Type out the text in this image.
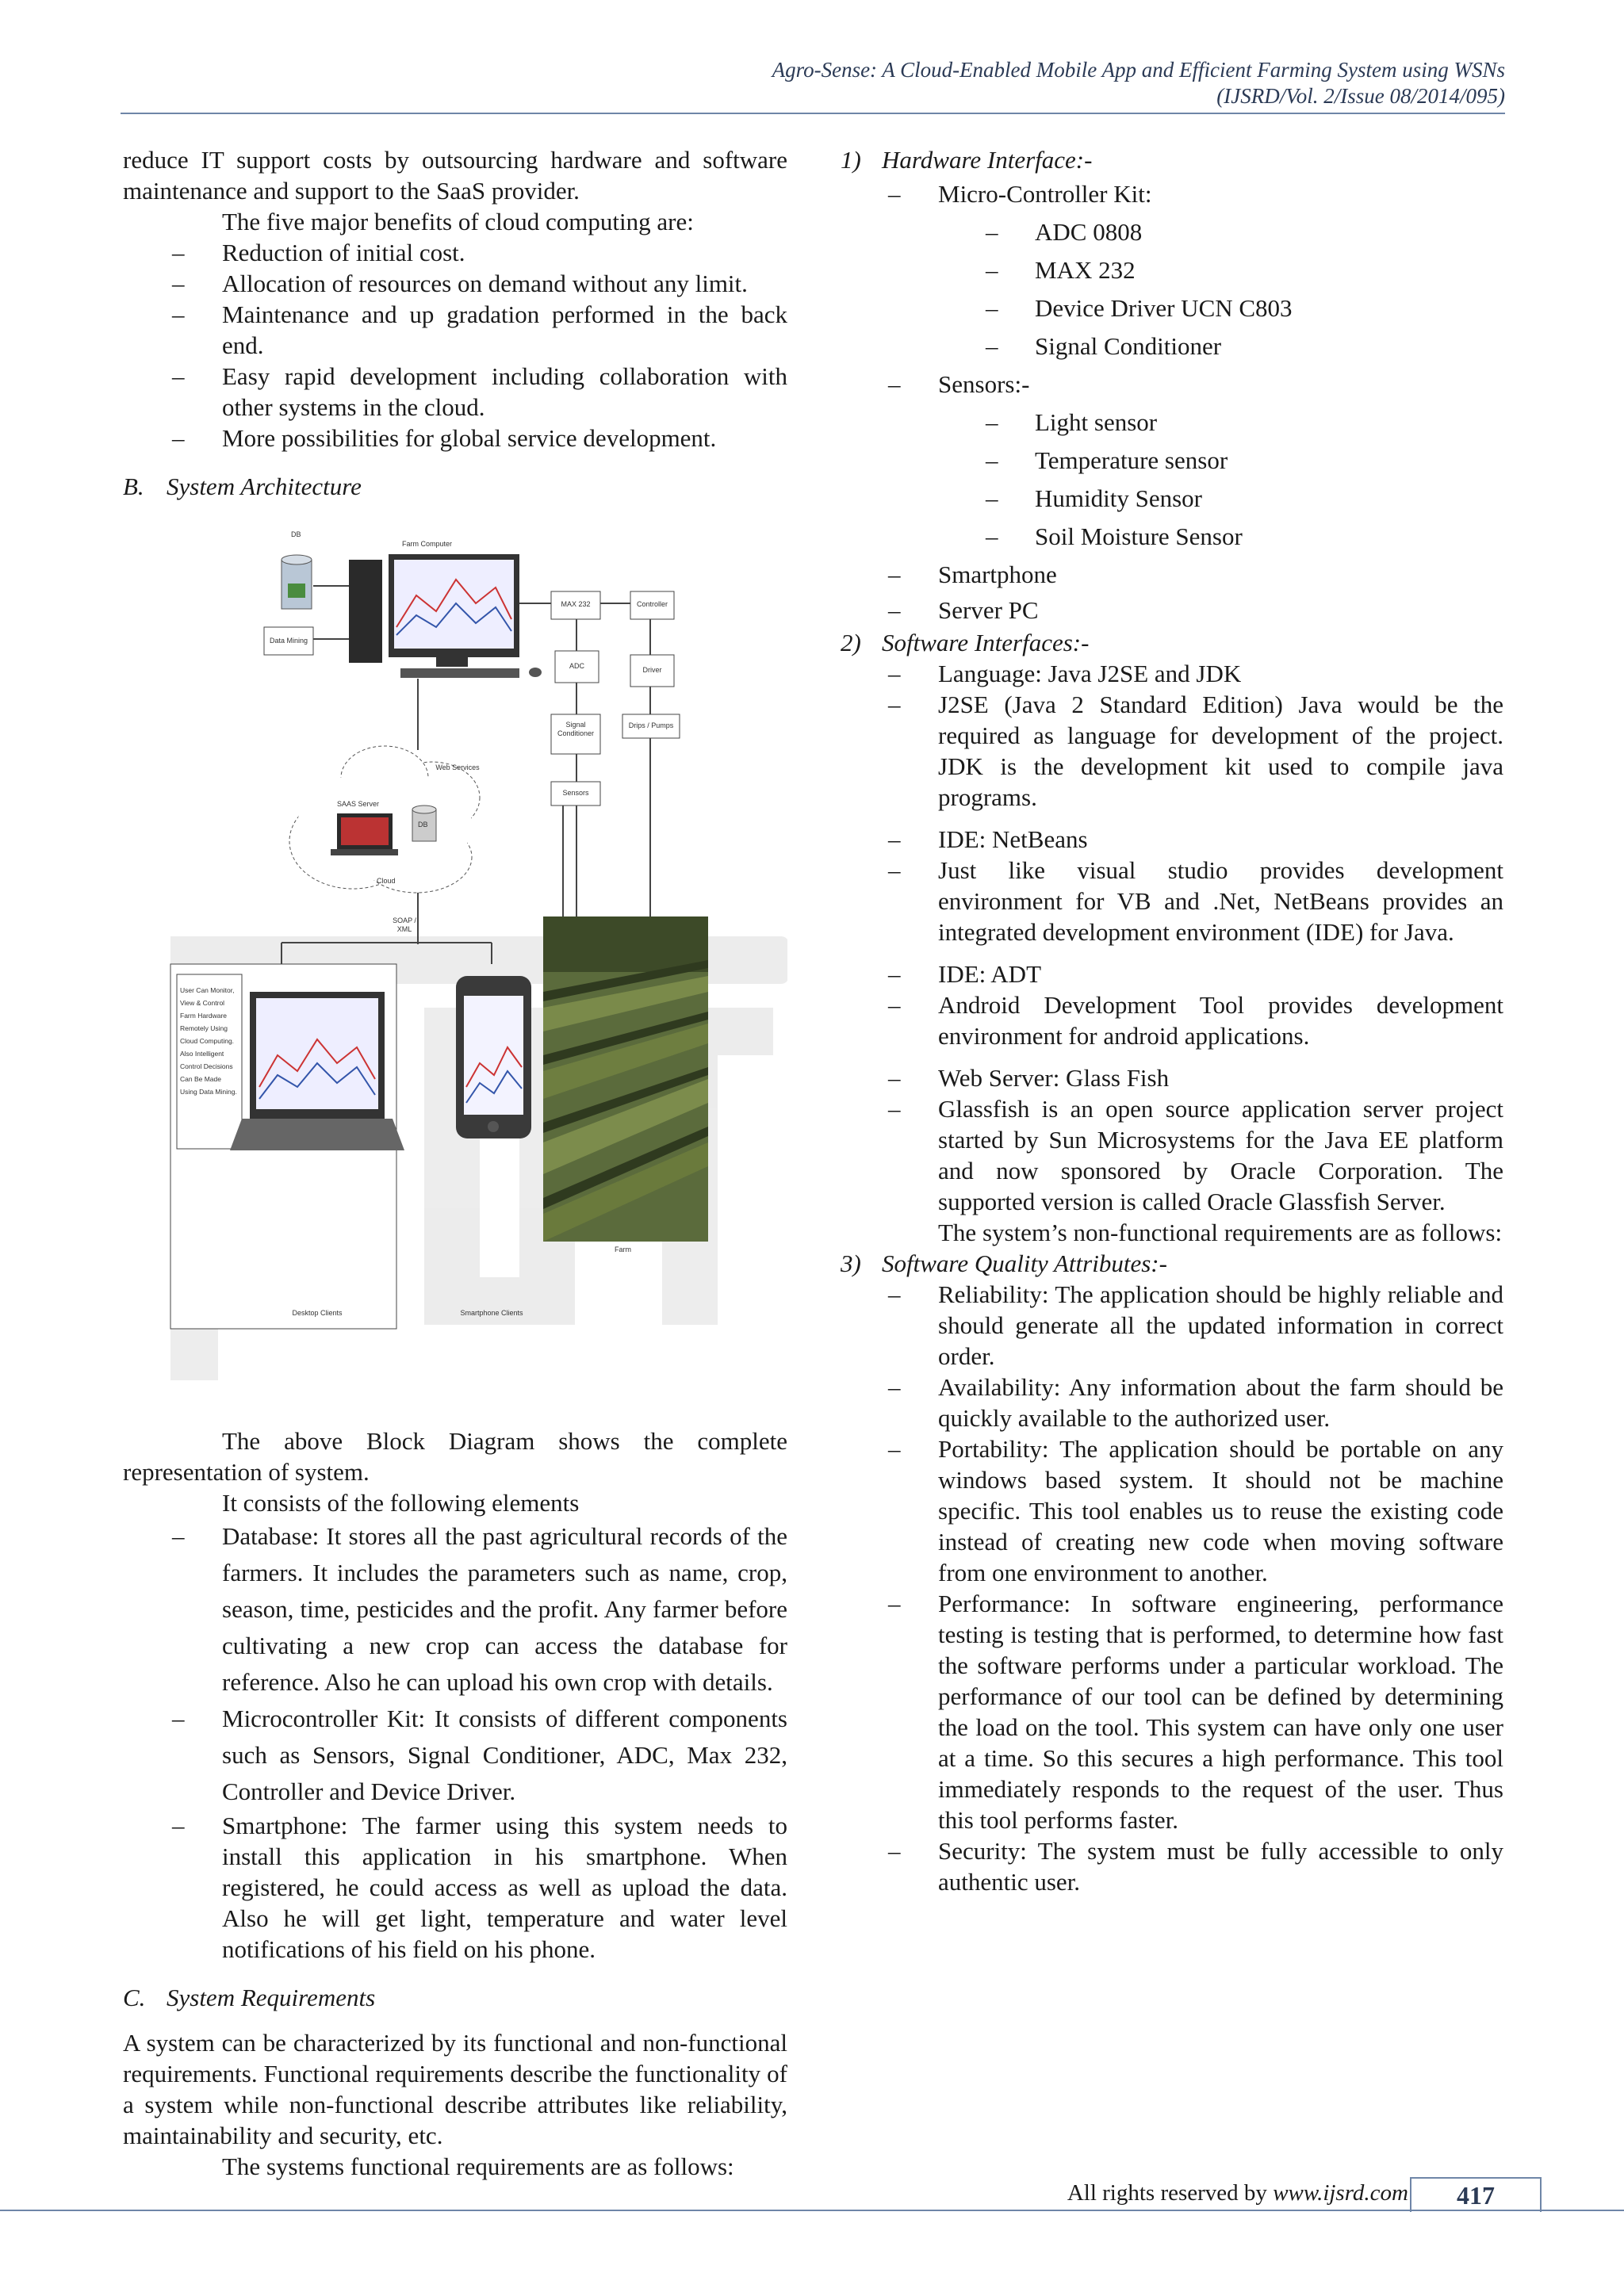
Agro-Sense: A Cloud-Enabled Mobile App and Efficient Farming System using WSNs
(IJSRD/Vol. 2/Issue 08/2014/095)

reduce IT support costs by outsourcing hardware and software maintenance and support to the SaaS provider.

The five major benefits of cloud computing are:

– Reduction of initial cost.
– Allocation of resources on demand without any limit.
– Maintenance and up gradation performed in the back end.
– Easy rapid development including collaboration with other systems in the cloud.
– More possibilities for global service development.
B. System Architecture
DB
Farm Computer
Data Mining
MAX 232	Controller
ADC	Driver
Signal Conditioner
Drips / Pumps
Sensors
Web Services
SAAS Server
DB
Cloud
SOAP / XML
User Can Monitor, View & Control Farm Hardware Remotely Using Cloud Computing. Also Intelligent Control Decisions Can Be Made Using Data Mining.
Desktop Clients	Smartphone Clients
Farm

The above Block Diagram shows the complete representation of system.

It consists of the following elements

– Database: It stores all the past agricultural records of the farmers. It includes the parameters such as name, crop, season, time, pesticides and the profit. Any farmer before cultivating a new crop can access the database for reference. Also he can upload his own crop with details.
– Microcontroller Kit: It consists of different components such as Sensors, Signal Conditioner, ADC, Max 232, Controller and Device Driver.
– Smartphone: The farmer using this system needs to install this application in his smartphone. When registered, he could access as well as upload the data. Also he will get light, temperature and water level notifications of his field on his phone.
C. System Requirements

A system can be characterized by its functional and non-functional requirements. Functional requirements describe the functionality of a system while non-functional describe attributes like reliability, maintainability and security, etc.

The systems functional requirements are as follows:

1) Hardware Interface:-
– Micro-Controller Kit:
– ADC 0808
– MAX 232
– Device Driver UCN C803
– Signal Conditioner
– Sensors:-
– Light sensor
– Temperature sensor
– Humidity Sensor
– Soil Moisture Sensor
– Smartphone
– Server PC
2) Software Interfaces:-
– Language: Java J2SE and JDK
– J2SE (Java 2 Standard Edition) Java would be the required as language for development of the project. JDK is the development kit used to compile java programs.
– IDE: NetBeans
– Just like visual studio provides development environment for VB and .Net, NetBeans provides an integrated development environment (IDE) for Java.
– IDE: ADT
– Android Development Tool provides development environment for android applications.
– Web Server: Glass Fish
– Glassfish is an open source application server project started by Sun Microsystems for the Java EE platform and now sponsored by Oracle Corporation. The supported version is called Oracle Glassfish Server.

The system’s non-functional requirements are as follows:

3) Software Quality Attributes:-
– Reliability: The application should be highly reliable and should generate all the updated information in correct order.
– Availability: Any information about the farm should be quickly available to the authorized user.
– Portability: The application should be portable on any windows based system. It should not be machine specific. This tool enables us to reuse the existing code instead of creating new code when moving software from one environment to another.
– Performance: In software engineering, performance testing is testing that is performed, to determine how fast the software performs under a particular workload. The performance of our tool can be defined by determining the load on the tool. This system can have only one user at a time. So this secures a high performance. This tool immediately responds to the request of the user. Thus this tool performs faster.
– Security: The system must be fully accessible to only authentic user.
All rights reserved by www.ijsrd.com	417
